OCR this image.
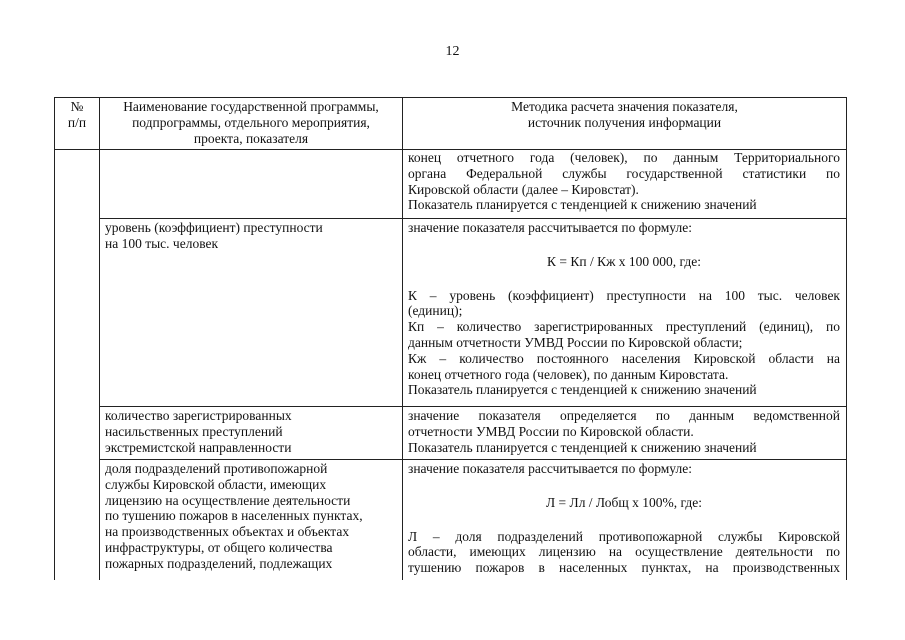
12
№
п/п
Наименование государственной программы,
подпрограммы, отдельного мероприятия,
проекта, показателя
Методика расчета значения показателя,
источник получения информации
конец отчетного года (человек), по данным Территориального
органа Федеральной службы государственной статистики по
Кировской области (далее – Кировстат).
Показатель планируется с тенденцией к снижению значений
уровень (коэффициент) преступности
на 100 тыс. человек
значение показателя рассчитывается по формуле:
К = Кп / Кж х 100 000, где:
К – уровень (коэффициент) преступности на 100 тыс. человек
(единиц);
Кп – количество зарегистрированных преступлений (единиц), по
данным отчетности УМВД России по Кировской области;
Кж – количество постоянного населения Кировской области на
конец отчетного года (человек), по данным Кировстата.
Показатель планируется с тенденцией к снижению значений
количество зарегистрированных
насильственных преступлений
экстремистской направленности
значение показателя определяется по данным ведомственной
отчетности УМВД России по Кировской области.
Показатель планируется с тенденцией к снижению значений
доля подразделений противопожарной
службы Кировской области, имеющих
лицензию на осуществление деятельности
по тушению пожаров в населенных пунктах,
на производственных объектах и объектах
инфраструктуры, от общего количества
пожарных подразделений, подлежащих
значение показателя рассчитывается по формуле:
Л = Лл / Лобщ х 100%, где:
Л – доля подразделений противопожарной службы Кировской
области, имеющих лицензию на осуществление деятельности по
тушению пожаров в населенных пунктах, на производственных
